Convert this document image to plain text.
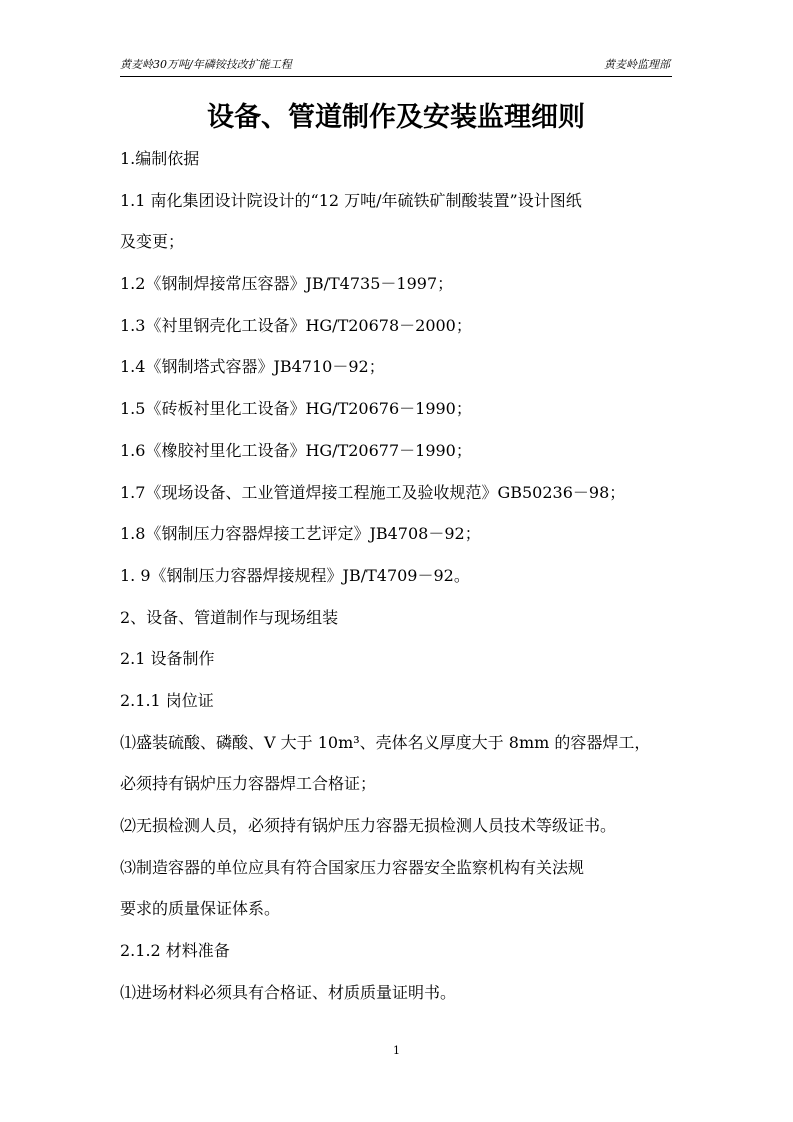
黄麦岭30万吨/年磷铵技改扩能工程	黄麦岭监理部
设备、管道制作及安装监理细则
1.编制依据
1.1 南化集团设计院设计的“12 万吨/年硫铁矿制酸装置”设计图纸
及变更；
1.2《钢制焊接常压容器》JB/T4735－1997；
1.3《衬里钢壳化工设备》HG/T20678－2000；
1.4《钢制塔式容器》JB4710－92；
1.5《砖板衬里化工设备》HG/T20676－1990；
1.6《橡胶衬里化工设备》HG/T20677－1990；
1.7《现场设备、工业管道焊接工程施工及验收规范》GB50236－98；
1.8《钢制压力容器焊接工艺评定》JB4708－92；
1. 9《钢制压力容器焊接规程》JB/T4709－92。
2、设备、管道制作与现场组装
2.1 设备制作
2.1.1 岗位证
⑴盛装硫酸、磷酸、V 大于 10m³、壳体名义厚度大于 8mm 的容器焊工，
必须持有锅炉压力容器焊工合格证；
⑵无损检测人员，必须持有锅炉压力容器无损检测人员技术等级证书。
⑶制造容器的单位应具有符合国家压力容器安全监察机构有关法规
要求的质量保证体系。
2.1.2 材料准备
⑴进场材料必须具有合格证、材质质量证明书。
1
